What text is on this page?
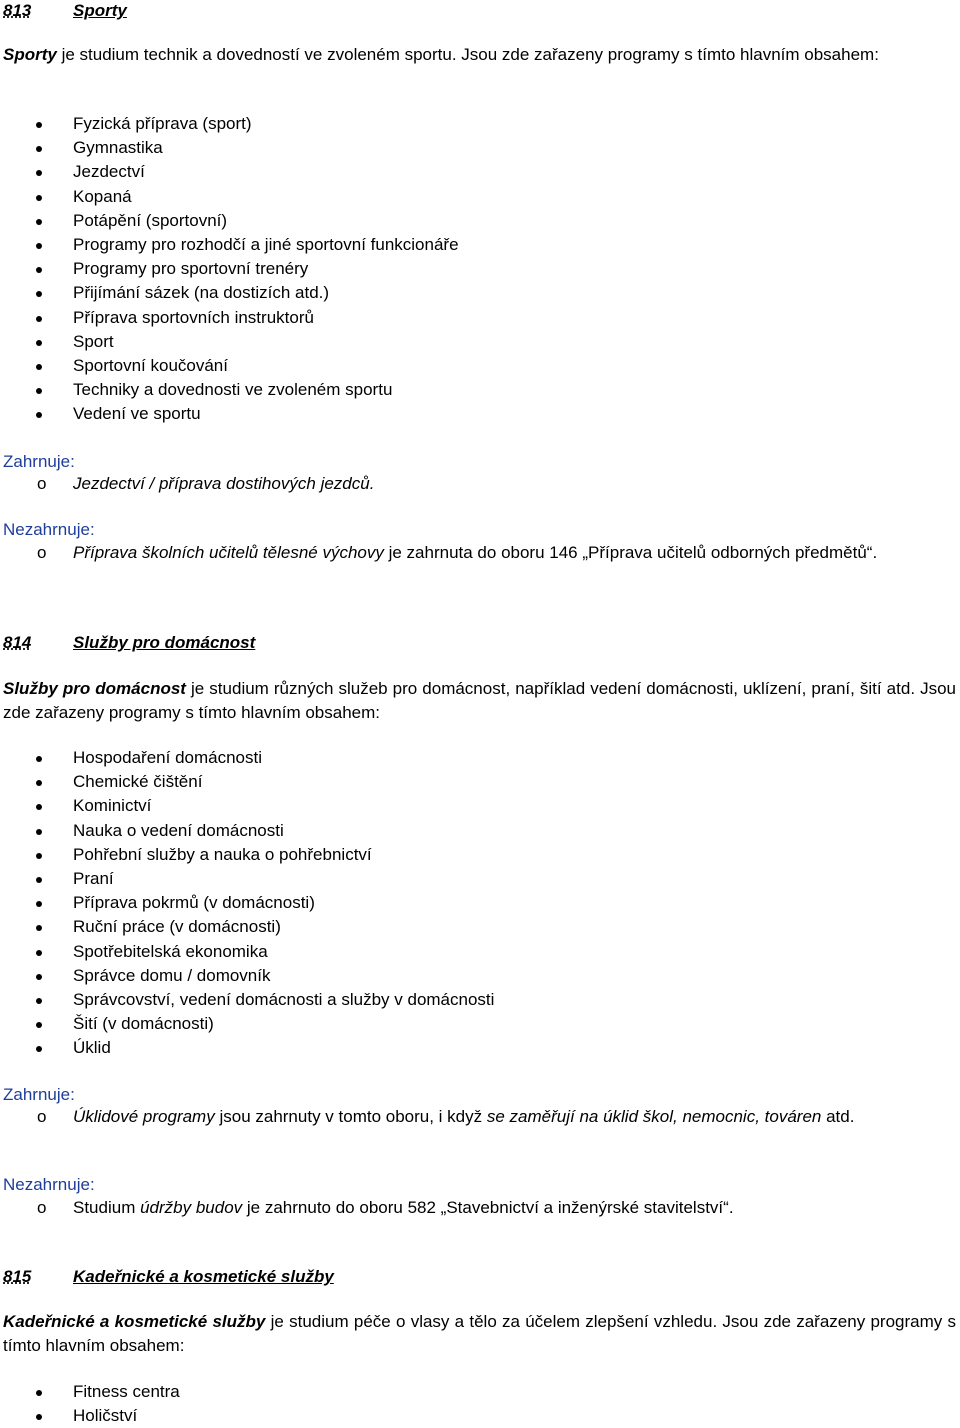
813 Sporty
Sporty je studium technik a dovedností ve zvoleném sportu. Jsou zde zařazeny programy s tímto hlavním obsahem:
Fyzická příprava (sport)
Gymnastika
Jezdectví
Kopaná
Potápění (sportovní)
Programy pro rozhodčí a jiné sportovní funkcionáře
Programy pro sportovní trenéry
Přijímání sázek (na dostizích atd.)
Příprava sportovních instruktorů
Sport
Sportovní koučování
Techniky a dovednosti ve zvoleném sportu
Vedení ve sportu
Zahrnuje:
o Jezdectví / příprava dostihových jezdců.
Nezahrnuje:
o Příprava školních učitelů tělesné výchovy je zahrnuta do oboru 146 „Příprava učitelů odborných předmětů“.
814 Služby pro domácnost
Služby pro domácnost je studium různých služeb pro domácnost, například vedení domácnosti, uklízení, praní, šití atd. Jsou zde zařazeny programy s tímto hlavním obsahem:
Hospodaření domácnosti
Chemické čištění
Kominictví
Nauka o vedení domácnosti
Pohřební služby a nauka o pohřebnictví
Praní
Příprava pokrmů (v domácnosti)
Ruční práce (v domácnosti)
Spotřebitelská ekonomika
Správce domu / domovník
Správcovství, vedení domácnosti a služby v domácnosti
Šití (v domácnosti)
Úklid
Zahrnuje:
o Úklidové programy jsou zahrnuty v tomto oboru, i když se zaměřují na úklid škol, nemocnic, továren atd.
Nezahrnuje:
o Studium údržby budov je zahrnuto do oboru 582 „Stavebnictví a inženýrské stavitelství“.
815 Kadeřnické a kosmetické služby
Kadeřnické a kosmetické služby je studium péče o vlasy a tělo za účelem zlepšení vzhledu. Jsou zde zařazeny programy s tímto hlavním obsahem:
Fitness centra
Holičství
